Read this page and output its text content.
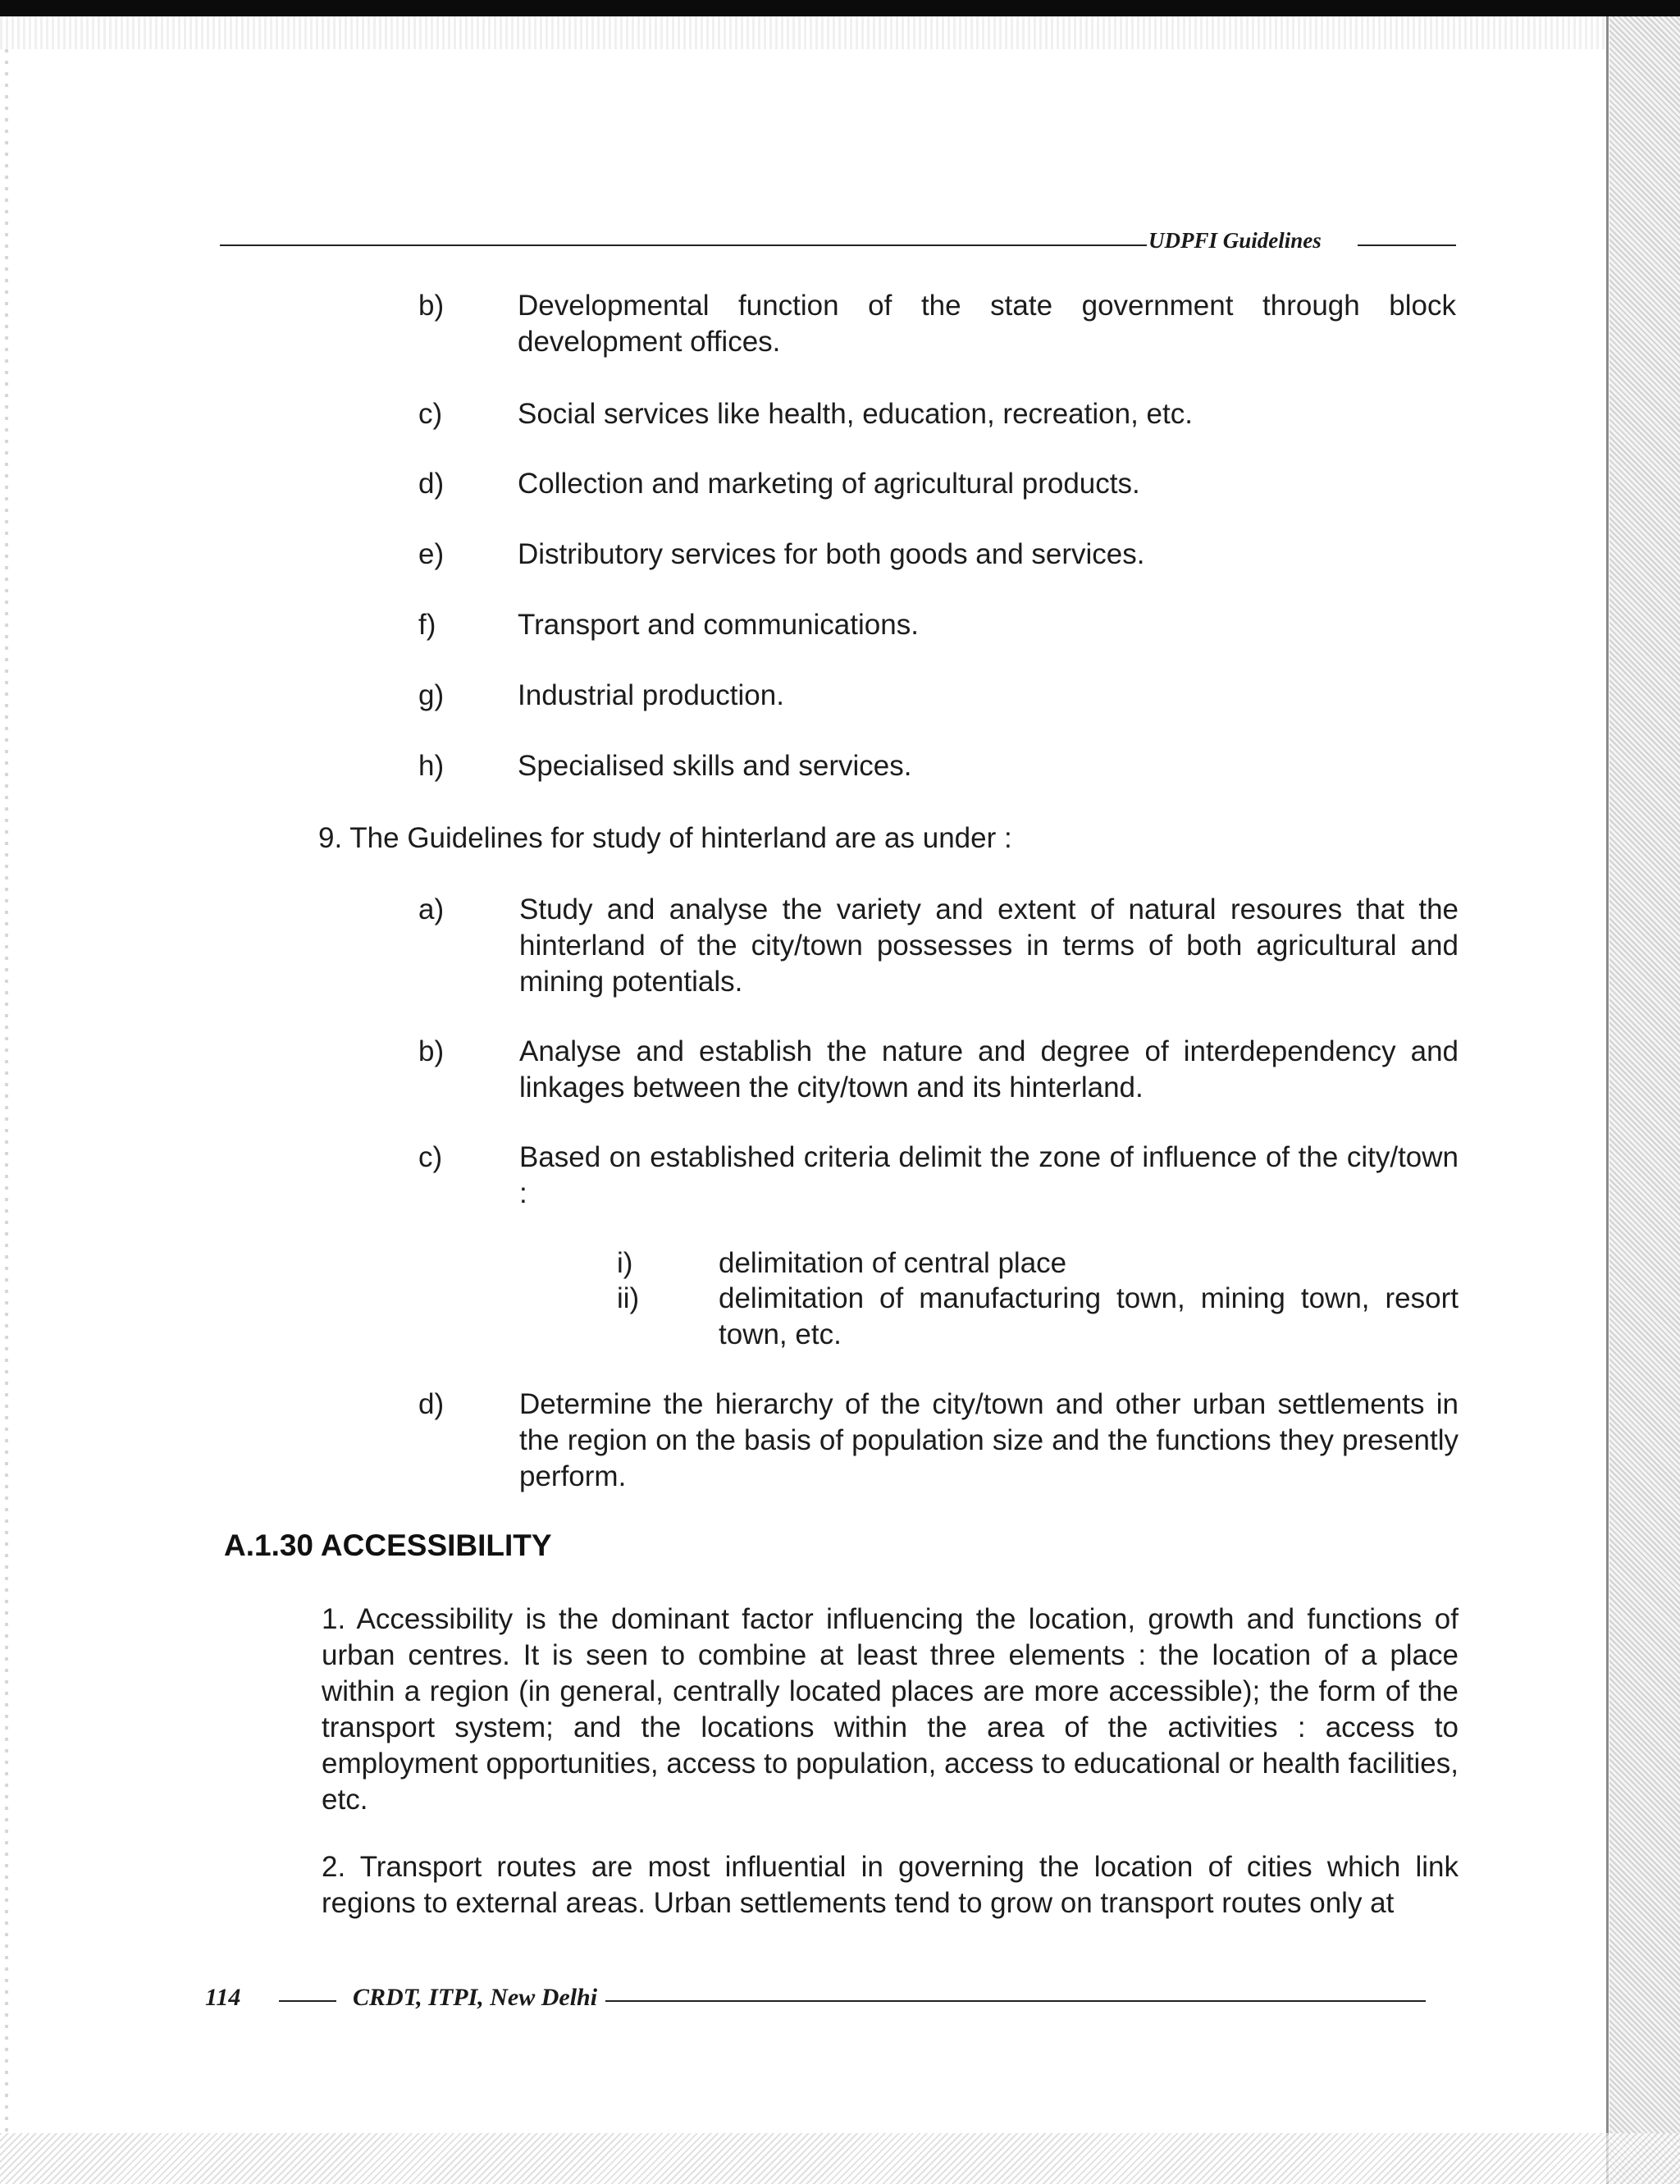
UDPFI Guidelines
b)	Developmental function of the state government through block development offices.
c)	Social services like health, education, recreation, etc.
d)	Collection and marketing of agricultural products.
e)	Distributory services for both goods and services.
f)	Transport and communications.
g)	Industrial production.
h)	Specialised skills and services.
9. The Guidelines for study of hinterland are as under :
a)	Study and analyse the variety and extent of natural resoures that the hinterland of the city/town possesses in terms of both agricultural and mining potentials.
b)	Analyse and establish the nature and degree of interdependency and linkages between the city/town and its hinterland.
c)	Based on established criteria delimit the zone of influence of the city/town :
i)	delimitation of central place
ii)	delimitation of manufacturing town, mining town, resort town, etc.
d)	Determine the hierarchy of the city/town and other urban settlements in the region on the basis of population size and the functions they presently perform.
A.1.30 ACCESSIBILITY
1. Accessibility is the dominant factor influencing the location, growth and functions of urban centres. It is seen to combine at least three elements : the location of a place within a region (in general, centrally located places are more accessible); the form of the transport system; and the locations within the area of the activities : access to employment opportunities, access to population, access to educational or health facilities, etc.
2. Transport routes are most influential in governing the location of cities which link regions to external areas. Urban settlements tend to grow on transport routes only at
114	CRDT, ITPI, New Delhi
